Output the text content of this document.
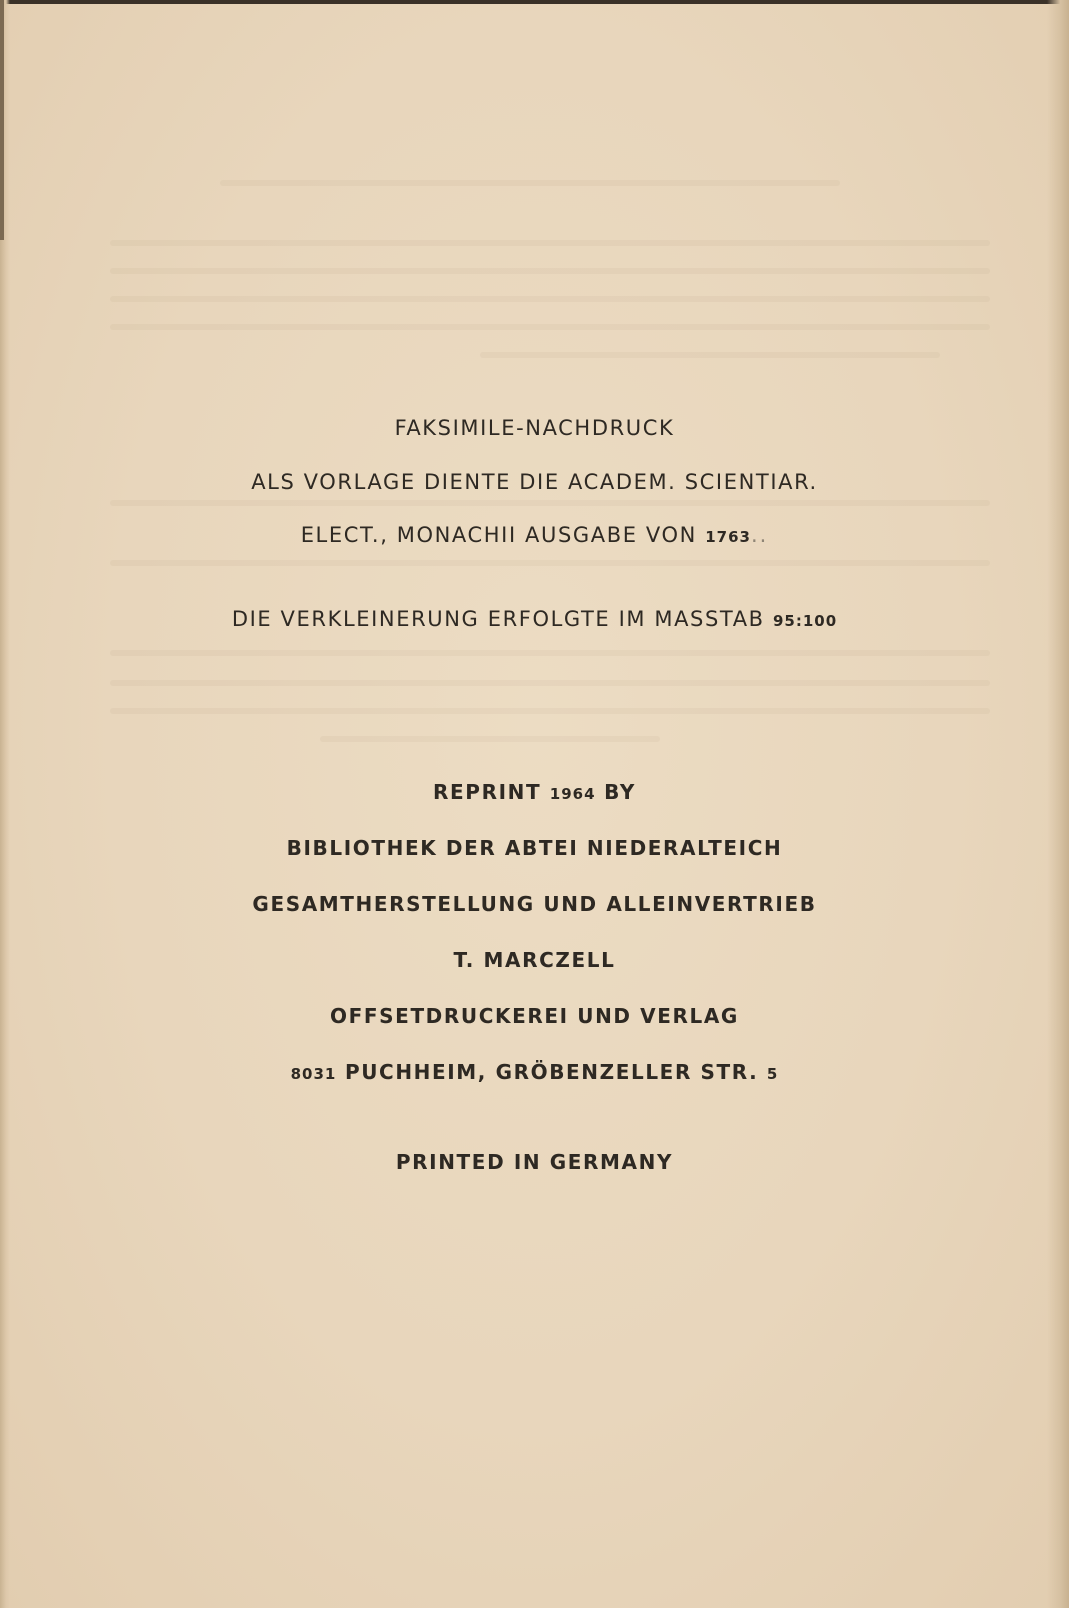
FAKSIMILE-NACHDRUCK
ALS VORLAGE DIENTE DIE ACADEM. SCIENTIAR.
ELECT., MONACHII AUSGABE VON 1763..
DIE VERKLEINERUNG ERFOLGTE IM MASSTAB 95:100
REPRINT 1964 BY
BIBLIOTHEK DER ABTEI NIEDERALTEICH
GESAMTHERSTELLUNG UND ALLEINVERTRIEB
T. MARCZELL
OFFSETDRUCKEREI UND VERLAG
8031 PUCHHEIM, GRÖBENZELLER STR. 5
PRINTED IN GERMANY
